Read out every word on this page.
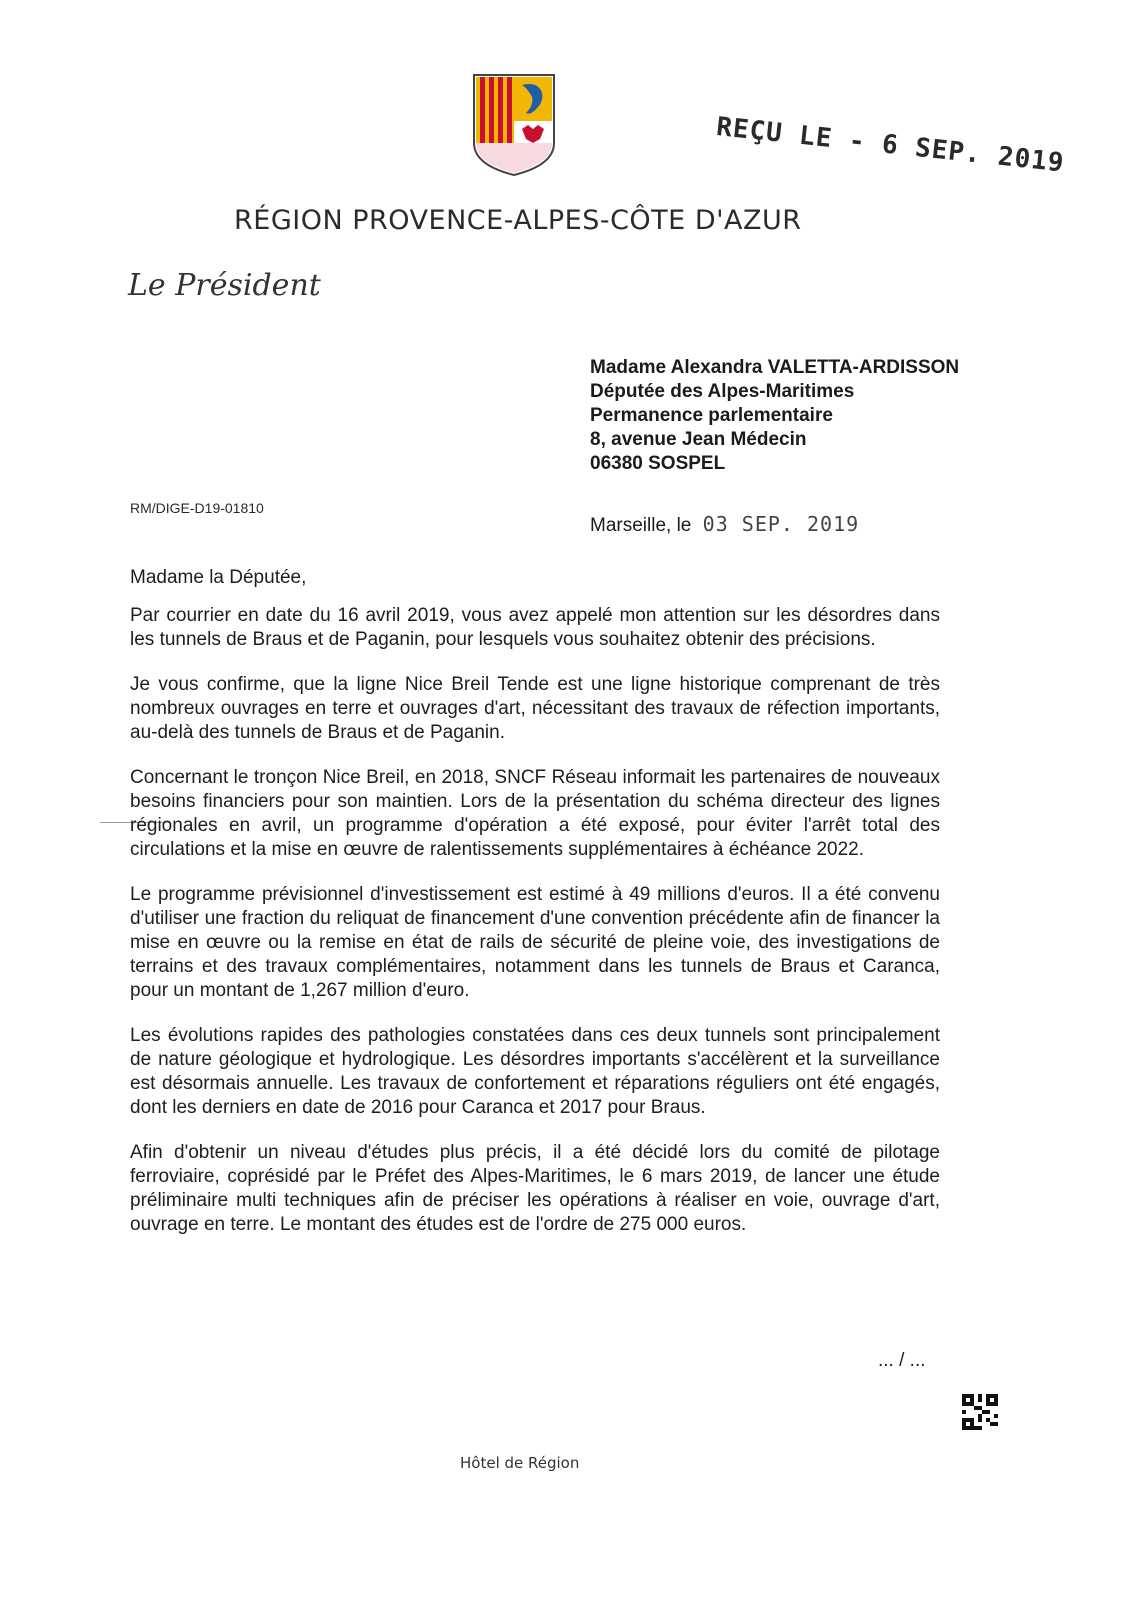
REÇU LE - 6 SEP. 2019
RÉGION PROVENCE-ALPES-CÔTE D'AZUR
Le Président
Madame Alexandra VALETTA-ARDISSON
Députée des Alpes-Maritimes
Permanence parlementaire
8, avenue Jean Médecin
06380 SOSPEL
RM/DIGE-D19-01810
Marseille, le 03 SEP. 2019
Madame la Députée,

Par courrier en date du 16 avril 2019, vous avez appelé mon attention sur les désordres dans les tunnels de Braus et de Paganin, pour lesquels vous souhaitez obtenir des précisions.

Je vous confirme, que la ligne Nice Breil Tende est une ligne historique comprenant de très nombreux ouvrages en terre et ouvrages d'art, nécessitant des travaux de réfection importants, au-delà des tunnels de Braus et de Paganin.

Concernant le tronçon Nice Breil, en 2018, SNCF Réseau informait les partenaires de nouveaux besoins financiers pour son maintien. Lors de la présentation du schéma directeur des lignes régionales en avril, un programme d'opération a été exposé, pour éviter l'arrêt total des circulations et la mise en œuvre de ralentissements supplémentaires à échéance 2022.

Le programme prévisionnel d'investissement est estimé à 49 millions d'euros. Il a été convenu d'utiliser une fraction du reliquat de financement d'une convention précédente afin de financer la mise en œuvre ou la remise en état de rails de sécurité de pleine voie, des investigations de terrains et des travaux complémentaires, notamment dans les tunnels de Braus et Caranca, pour un montant de 1,267 million d'euro.

Les évolutions rapides des pathologies constatées dans ces deux tunnels sont principalement de nature géologique et hydrologique. Les désordres importants s'accélèrent et la surveillance est désormais annuelle. Les travaux de confortement et réparations réguliers ont été engagés, dont les derniers en date de 2016 pour Caranca et 2017 pour Braus.

Afin d'obtenir un niveau d'études plus précis, il a été décidé lors du comité de pilotage ferroviaire, coprésidé par le Préfet des Alpes-Maritimes, le 6 mars 2019, de lancer une étude préliminaire multi techniques afin de préciser les opérations à réaliser en voie, ouvrage d'art, ouvrage en terre. Le montant des études est de l'ordre de 275 000 euros.

... / ...
Hôtel de Région
